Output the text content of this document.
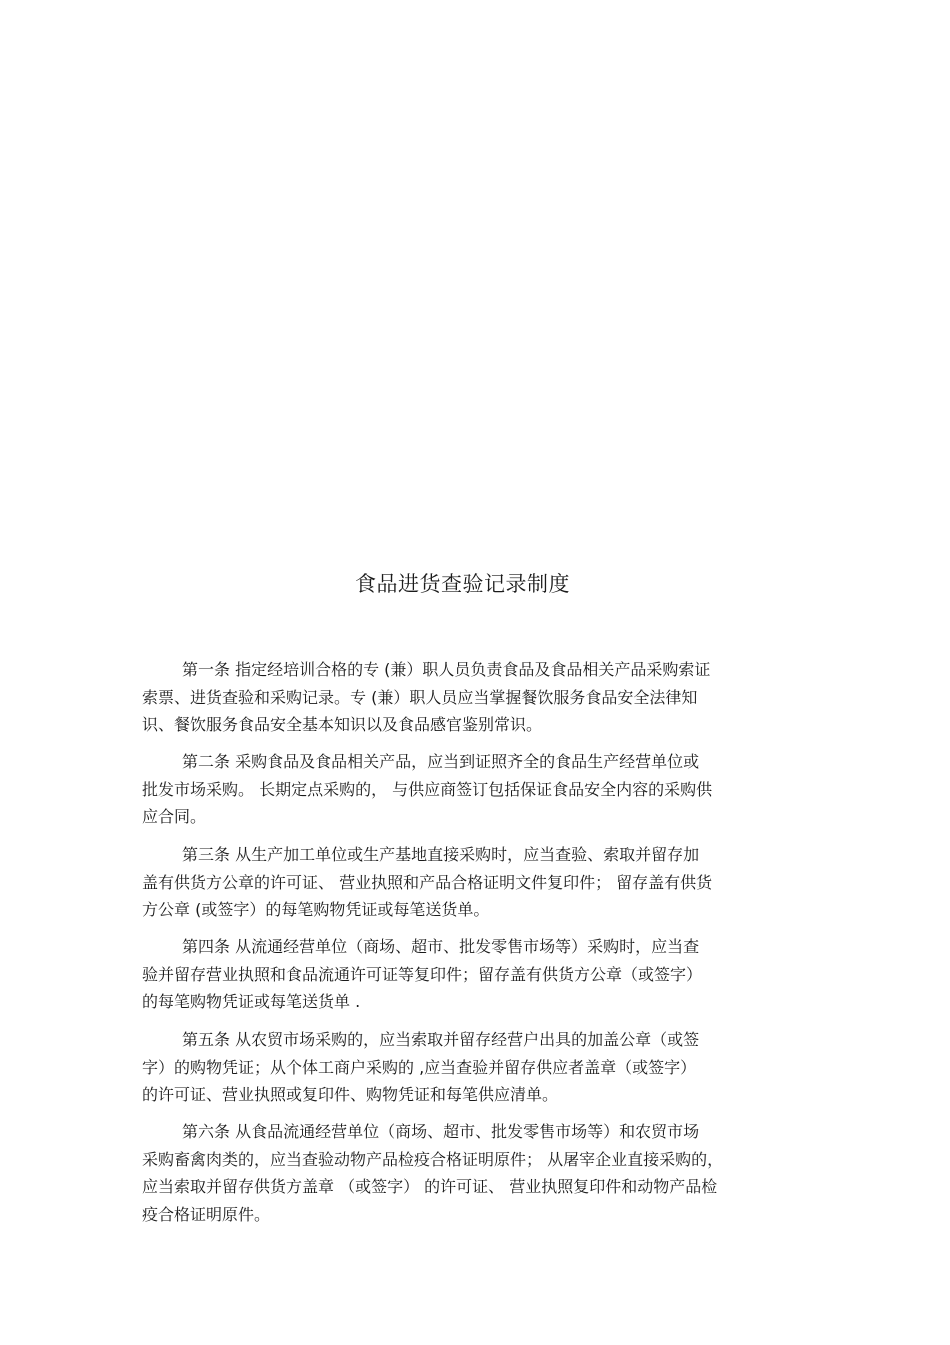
食品进货查验记录制度
第一条 指定经培训合格的专 (兼）职人员负责食品及食品相关产品采购索证
索票、进货查验和采购记录。专 (兼）职人员应当掌握餐饮服务食品安全法律知
识、餐饮服务食品安全基本知识以及食品感官鉴别常识。
第二条 采购食品及食品相关产品，应当到证照齐全的食品生产经营单位或
批发市场采购。 长期定点采购的， 与供应商签订包括保证食品安全内容的采购供
应合同。
第三条 从生产加工单位或生产基地直接采购时，应当查验、索取并留存加
盖有供货方公章的许可证、 营业执照和产品合格证明文件复印件； 留存盖有供货
方公章 (或签字）的每笔购物凭证或每笔送货单。
第四条 从流通经营单位（商场、超市、批发零售市场等）采购时，应当查
验并留存营业执照和食品流通许可证等复印件；留存盖有供货方公章（或签字）
的每笔购物凭证或每笔送货单 .
第五条 从农贸市场采购的，应当索取并留存经营户出具的加盖公章（或签
字）的购物凭证；从个体工商户采购的 ,应当查验并留存供应者盖章（或签字）
的许可证、营业执照或复印件、购物凭证和每笔供应清单。
第六条 从食品流通经营单位（商场、超市、批发零售市场等）和农贸市场
采购畜禽肉类的，应当查验动物产品检疫合格证明原件； 从屠宰企业直接采购的，
应当索取并留存供货方盖章 （或签字） 的许可证、 营业执照复印件和动物产品检
疫合格证明原件。
